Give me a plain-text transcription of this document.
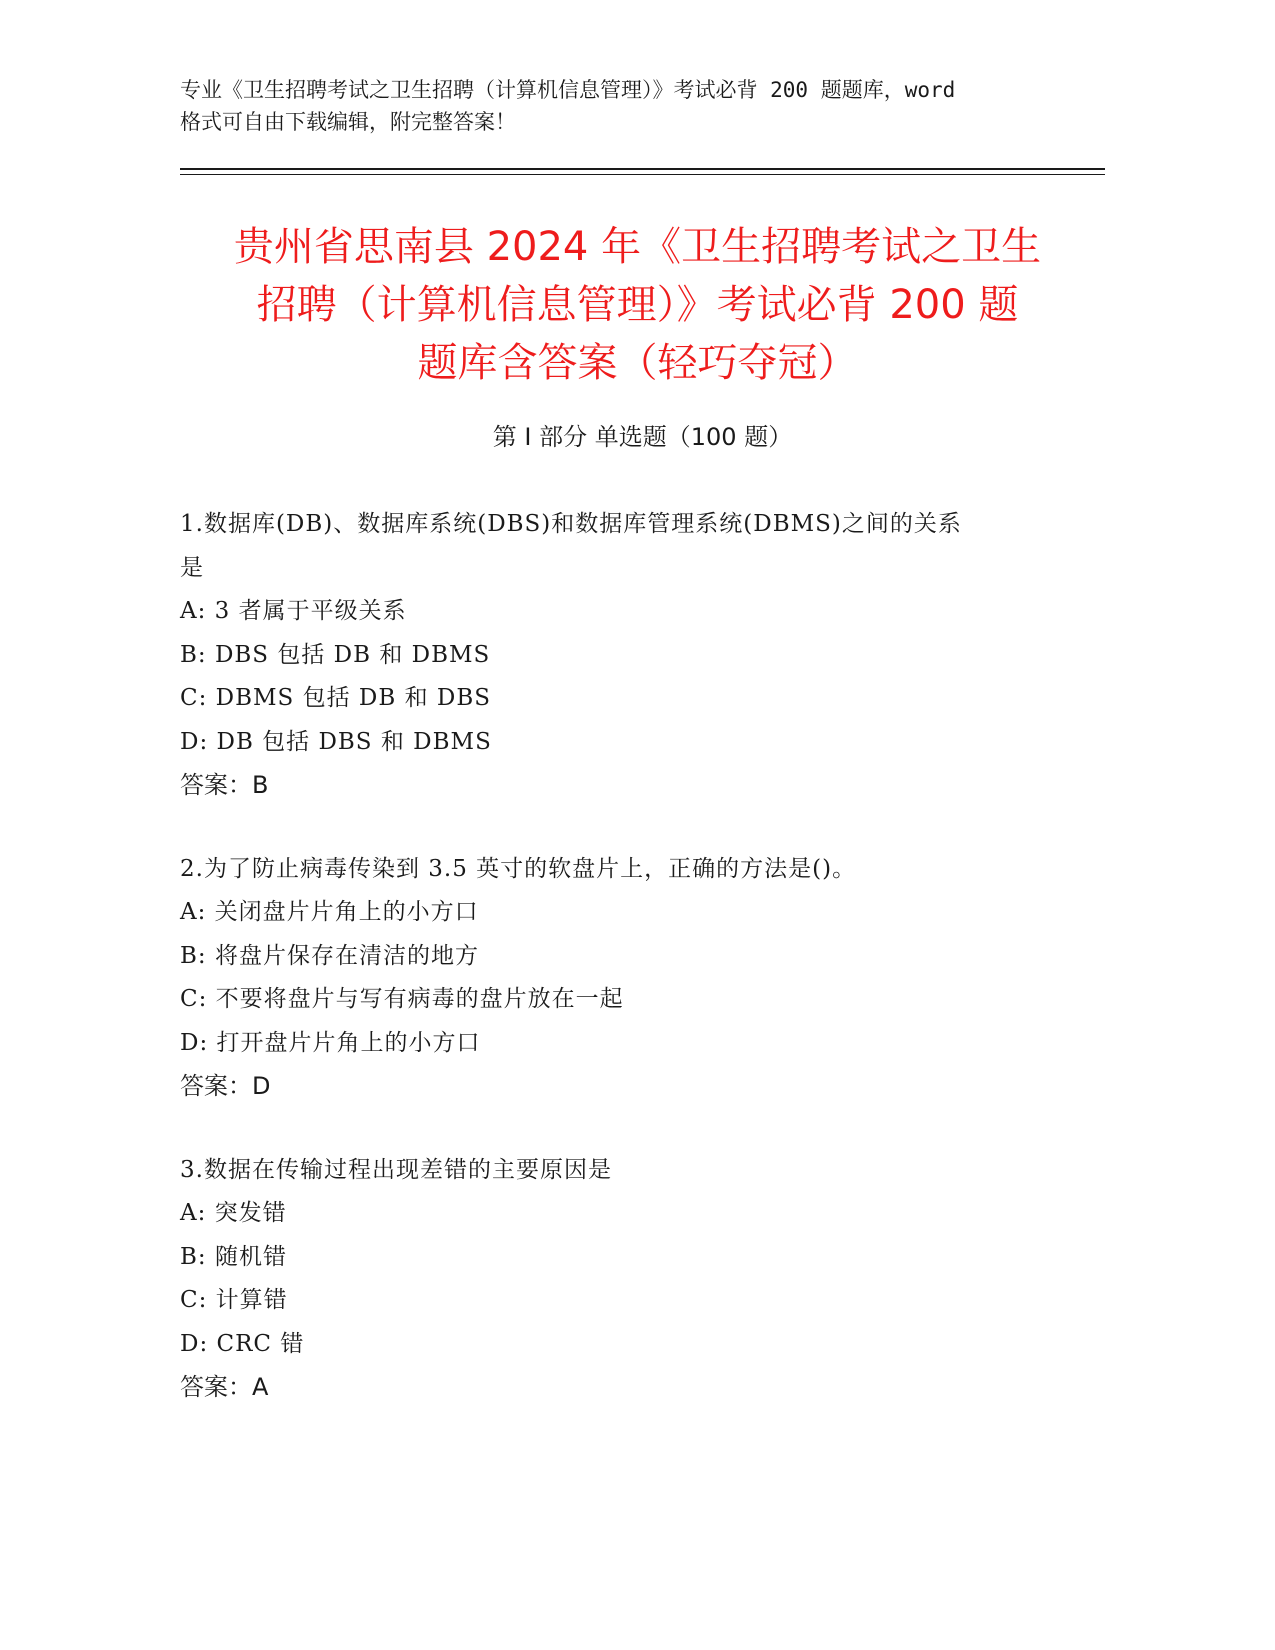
专业《卫生招聘考试之卫生招聘（计算机信息管理）》考试必背 200 题题库，word
格式可自由下载编辑，附完整答案！
贵州省思南县 2024 年《卫生招聘考试之卫生
招聘（计算机信息管理）》考试必背 200 题
题库含答案（轻巧夺冠）
第 I 部分 单选题（100 题）
1.数据库(DB)、数据库系统(DBS)和数据库管理系统(DBMS)之间的关系
是
A: 3 者属于平级关系
B: DBS 包括 DB 和 DBMS
C: DBMS 包括 DB 和 DBS
D: DB 包括 DBS 和 DBMS
答案：B
2.为了防止病毒传染到 3.5 英寸的软盘片上，正确的方法是()。
A: 关闭盘片片角上的小方口
B: 将盘片保存在清洁的地方
C: 不要将盘片与写有病毒的盘片放在一起
D: 打开盘片片角上的小方口
答案：D
3.数据在传输过程出现差错的主要原因是
A: 突发错
B: 随机错
C: 计算错
D: CRC 错
答案：A
